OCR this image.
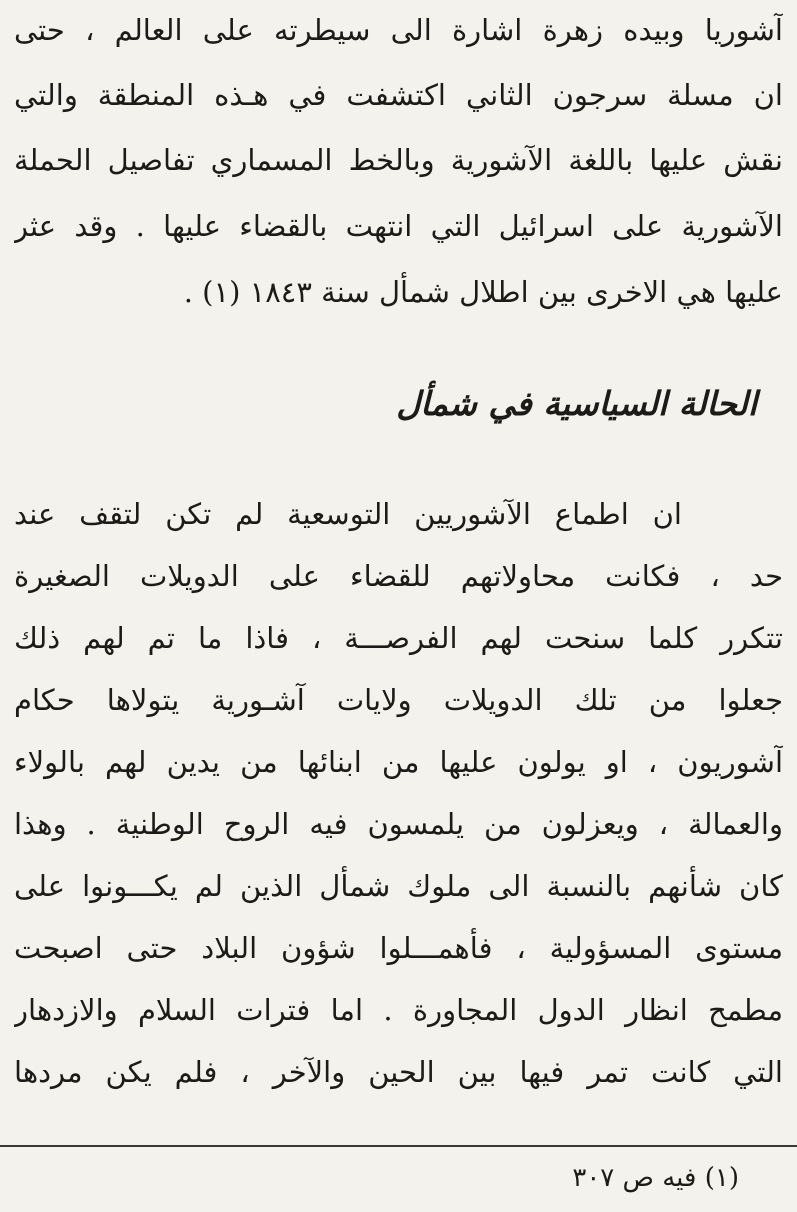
آشوريا وبيده زهرة اشارة الى سيطرته على العالم ، حتى
ان مسلة سرجون الثاني اكتشفت في هـذه المنطقة والتي
نقش عليها باللغة الآشورية وبالخط المسماري تفاصيل الحملة
الآشورية على اسرائيل التي انتهت بالقضاء عليها . وقد عثر
عليها هي الاخرى بين اطلال شمأل سنة ١٨٤٣ (١) .
الحالة السياسية في شمأل
ان اطماع الآشوريين التوسعية لم تكن لتقف عند
حد ، فكانت محاولاتهم للقضاء على الدويلات الصغيرة
تتكرر كلما سنحت لهم الفرصـــة ، فاذا ما تم لهم ذلك
جعلوا من تلك الدويلات ولايات آشـورية يتولاها حكام
آشوريون ، او يولون عليها من ابنائها من يدين لهم بالولاء
والعمالة ، ويعزلون من يلمسون فيه الروح الوطنية . وهذا
كان شأنهم بالنسبة الى ملوك شمأل الذين لم يكـــونوا على
مستوى المسؤولية ، فأهمـــلوا شؤون البلاد حتى اصبحت
مطمح انظار الدول المجاورة . اما فترات السلام والازدهار
التي كانت تمر فيها بين الحين والآخر ، فلم يكن مردها
(١) فيه ص ٣٠٧
